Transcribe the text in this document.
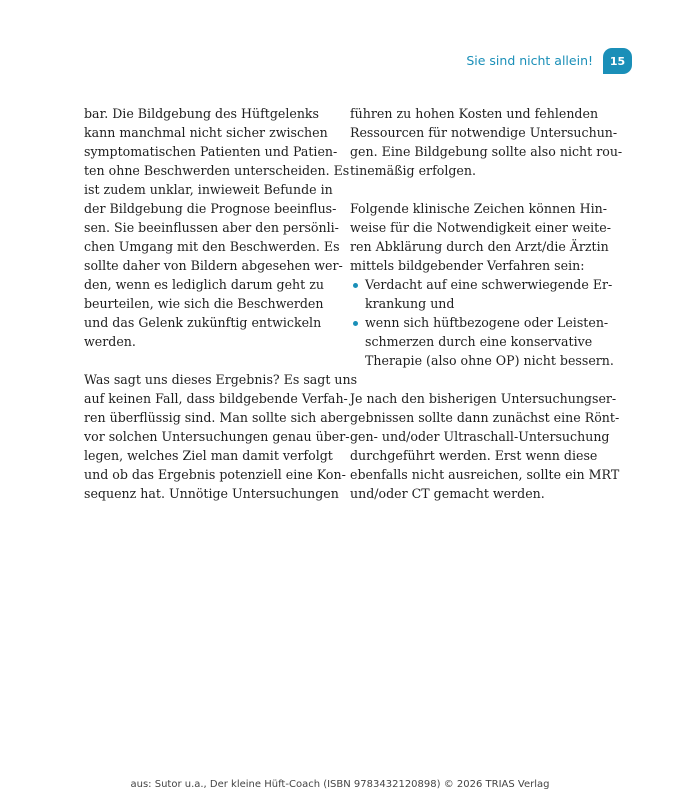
Sie sind nicht allein! 15
bar. Die Bildgebung des Hüftgelenks
kann manchmal nicht sicher zwischen
symptomatischen Patienten und Patien-
ten ohne Beschwerden unterscheiden. Es
ist zudem unklar, inwieweit Befunde in
der Bildgebung die Prognose beeinflus-
sen. Sie beeinflussen aber den persönli-
chen Umgang mit den Beschwerden. Es
sollte daher von Bildern abgesehen wer-
den, wenn es lediglich darum geht zu
beurteilen, wie sich die Beschwerden
und das Gelenk zukünftig entwickeln
werden.
Was sagt uns dieses Ergebnis? Es sagt uns
auf keinen Fall, dass bildgebende Verfah-
ren überflüssig sind. Man sollte sich aber
vor solchen Untersuchungen genau über-
legen, welches Ziel man damit verfolgt
und ob das Ergebnis potenziell eine Kon-
sequenz hat. Unnötige Untersuchungen
führen zu hohen Kosten und fehlenden
Ressourcen für notwendige Untersuchun-
gen. Eine Bildgebung sollte also nicht rou-
tinemäßig erfolgen.
Folgende klinische Zeichen können Hin-
weise für die Notwendigkeit einer weite-
ren Abklärung durch den Arzt/die Ärztin
mittels bildgebender Verfahren sein:
Verdacht auf eine schwerwiegende Er-
krankung und
wenn sich hüftbezogene oder Leisten-
schmerzen durch eine konservative
Therapie (also ohne OP) nicht bessern.
Je nach den bisherigen Untersuchungser-
gebnissen sollte dann zunächst eine Rönt-
gen- und/oder Ultraschall-Untersuchung
durchgeführt werden. Erst wenn diese
ebenfalls nicht ausreichen, sollte ein MRT
und/oder CT gemacht werden.
aus: Sutor u.a., Der kleine Hüft-Coach (ISBN 9783432120898) © 2026 TRIAS Verlag
